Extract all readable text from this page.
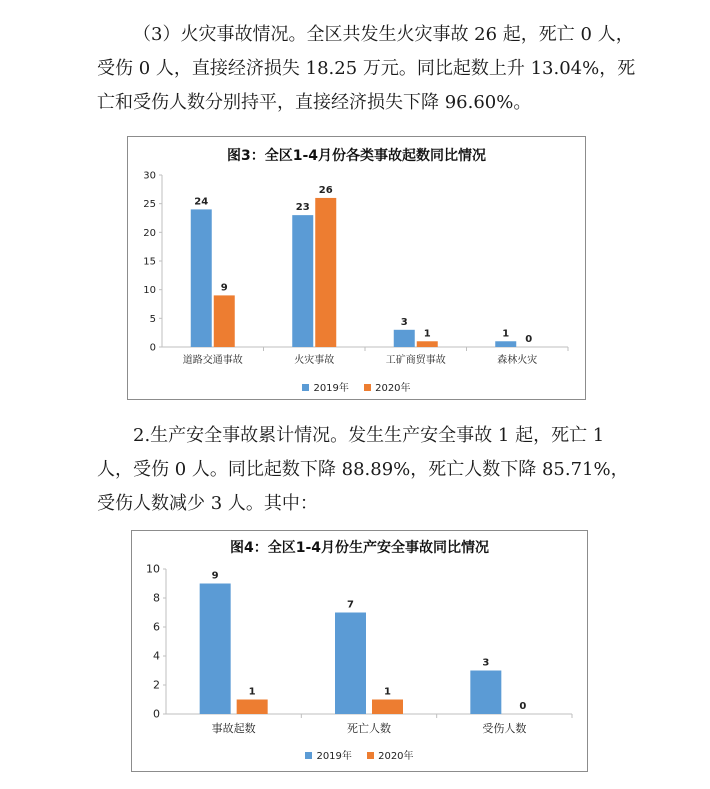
（3）火灾事故情况。全区共发生火灾事故 26 起，死亡 0 人，受伤 0 人，直接经济损失 18.25 万元。同比起数上升 13.04%，死亡和受伤人数分别持平，直接经济损失下降 96.60%。

图3：全区1-4月份各类事故起数同比情况
0
5
10
15
20
25
30
24
9
道路交通事故
23
26
火灾事故
3
1
工矿商贸事故
1
0
森林火灾
2019年	2020年

2.生产安全事故累计情况。发生生产安全事故 1 起，死亡 1 人，受伤 0 人。同比起数下降 88.89%，死亡人数下降 85.71%，受伤人数减少 3 人。其中：

图4：全区1-4月份生产安全事故同比情况
0
2
4
6
8
10
9
1
事故起数
7
1
死亡人数
3
0
受伤人数
2019年	2020年
